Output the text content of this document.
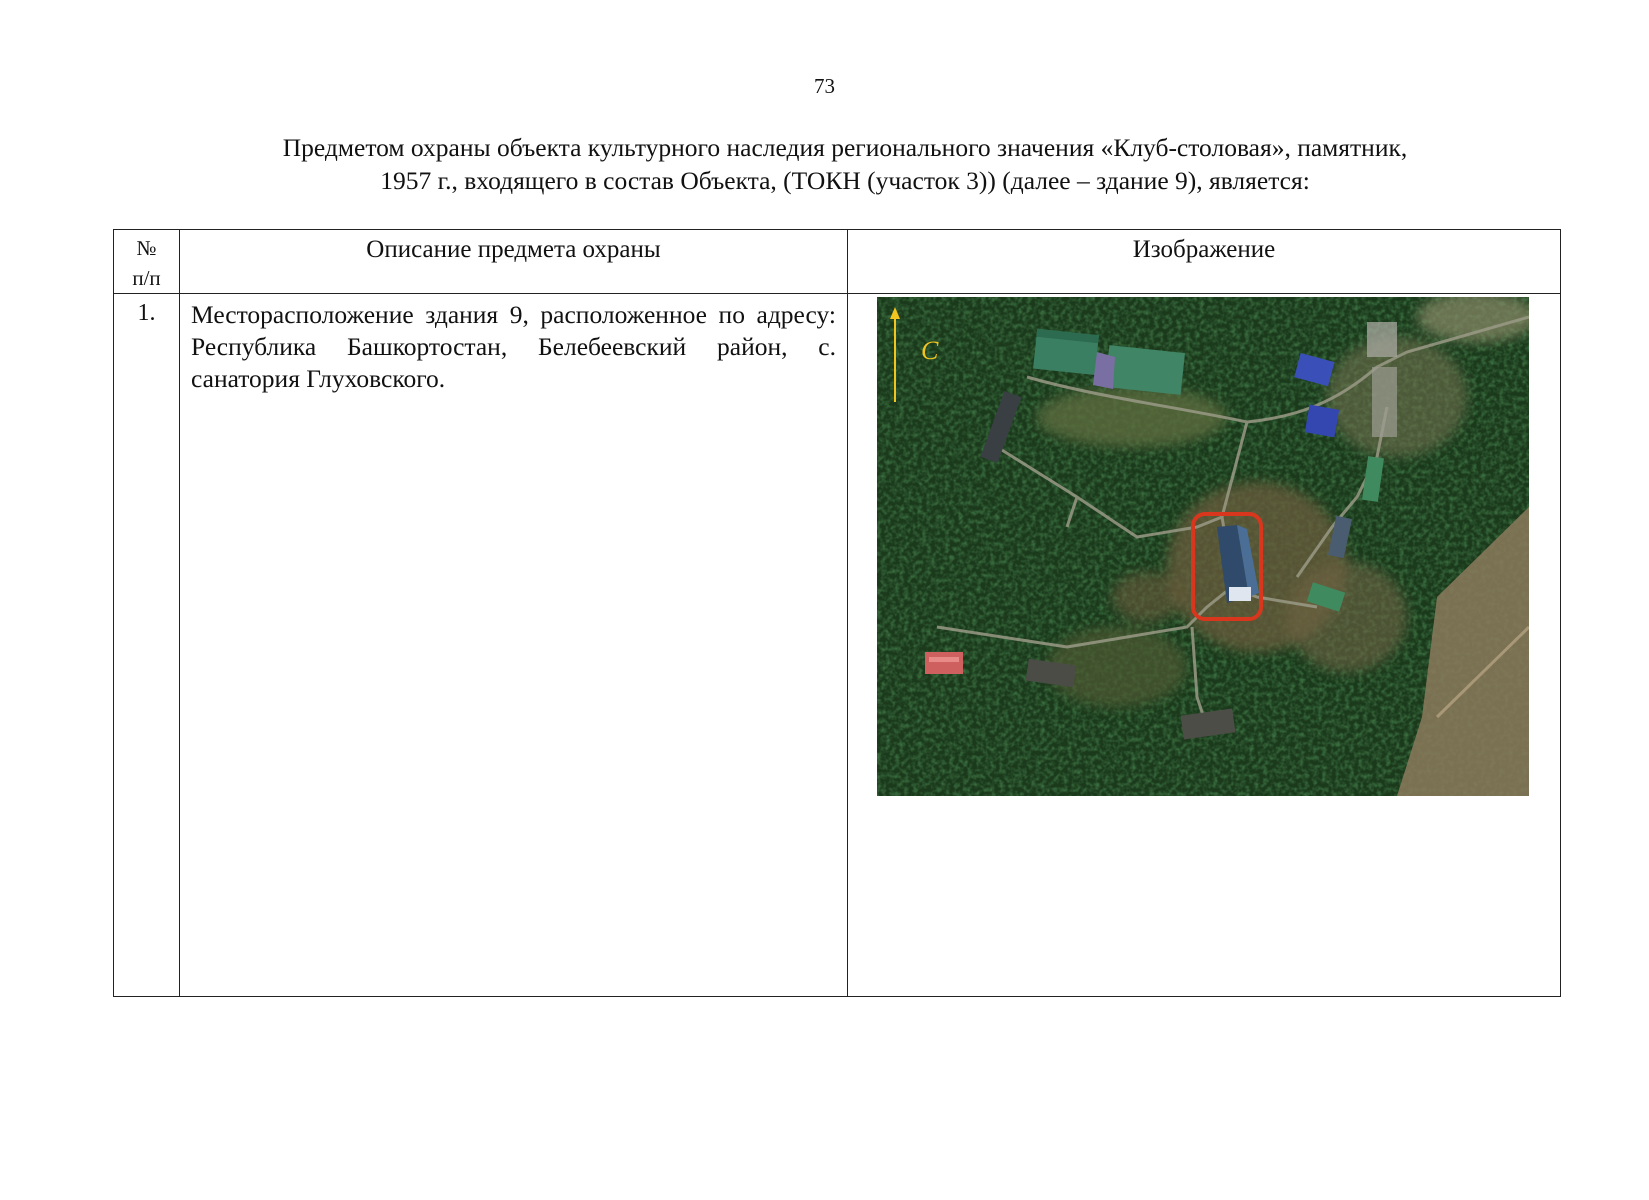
73
Предметом охраны объекта культурного наследия регионального значения «Клуб-столовая», памятник,
1957 г., входящего в состав Объекта, (ТОКН (участок 3)) (далее – здание 9), является:
№
п/п	Описание предмета охраны	Изображение
1.	Месторасположение здания 9, расположенное по адресу: Республика Башкортостан, Белебеевский район, с. санатория Глуховского.	С
